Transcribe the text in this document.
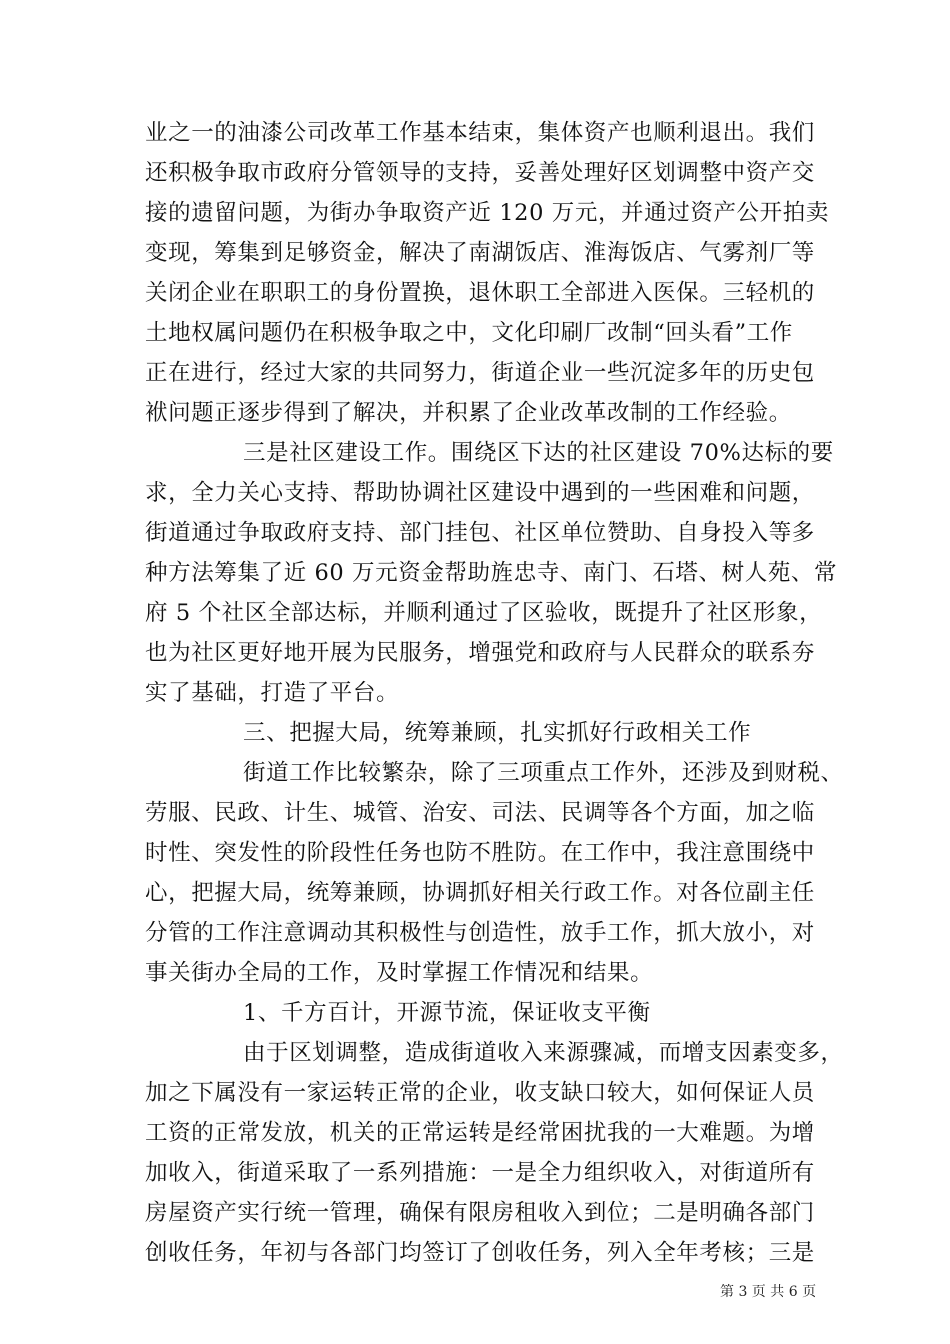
业之一的油漆公司改革工作基本结束，集体资产也顺利退出。我们
还积极争取市政府分管领导的支持，妥善处理好区划调整中资产交
接的遗留问题，为街办争取资产近 120 万元，并通过资产公开拍卖
变现，筹集到足够资金，解决了南湖饭店、淮海饭店、气雾剂厂等
关闭企业在职职工的身份置换，退休职工全部进入医保。三轻机的
土地权属问题仍在积极争取之中，文化印刷厂改制“回头看”工作
正在进行，经过大家的共同努力，街道企业一些沉淀多年的历史包
袱问题正逐步得到了解决，并积累了企业改革改制的工作经验。
三是社区建设工作。围绕区下达的社区建设 70%达标的要
求，全力关心支持、帮助协调社区建设中遇到的一些困难和问题，
街道通过争取政府支持、部门挂包、社区单位赞助、自身投入等多
种方法筹集了近 60 万元资金帮助旌忠寺、南门、石塔、树人苑、常
府 5 个社区全部达标，并顺利通过了区验收，既提升了社区形象，
也为社区更好地开展为民服务，增强党和政府与人民群众的联系夯
实了基础，打造了平台。
三、把握大局，统筹兼顾，扎实抓好行政相关工作
街道工作比较繁杂，除了三项重点工作外，还涉及到财税、
劳服、民政、计生、城管、治安、司法、民调等各个方面，加之临
时性、突发性的阶段性任务也防不胜防。在工作中，我注意围绕中
心，把握大局，统筹兼顾，协调抓好相关行政工作。对各位副主任
分管的工作注意调动其积极性与创造性，放手工作，抓大放小，对
事关街办全局的工作，及时掌握工作情况和结果。
1、千方百计，开源节流，保证收支平衡
由于区划调整，造成街道收入来源骤减，而增支因素变多，
加之下属没有一家运转正常的企业，收支缺口较大，如何保证人员
工资的正常发放，机关的正常运转是经常困扰我的一大难题。为增
加收入，街道采取了一系列措施：一是全力组织收入，对街道所有
房屋资产实行统一管理，确保有限房租收入到位；二是明确各部门
创收任务，年初与各部门均签订了创收任务，列入全年考核；三是
第 3 页 共 6 页
